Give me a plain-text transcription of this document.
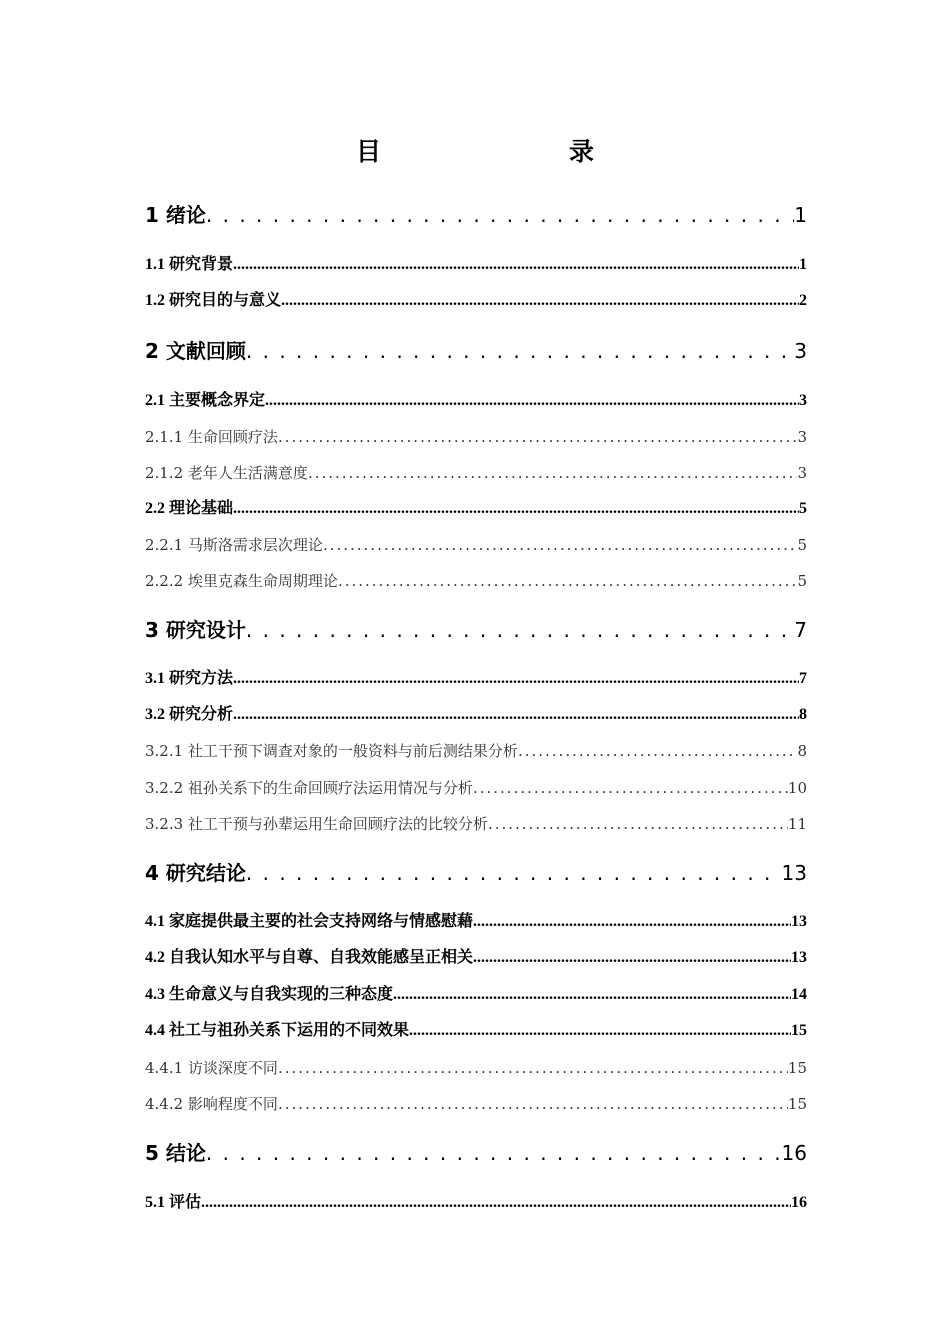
目　　录
1 绪论 . . .	1
1.1 研究背景 .....	1
1.2 研究目的与意义 .....	2
2 文献回顾 . . .	3
2.1 主要概念界定 .....	3
2.1.1 生命回顾疗法 .....	3
2.1.2 老年人生活满意度 .....	3
2.2 理论基础 .....	5
2.2.1 马斯洛需求层次理论 .....	5
2.2.2 埃里克森生命周期理论 .....	5
3 研究设计 . . .	7
3.1 研究方法 .....	7
3.2 研究分析 .....	8
3.2.1 社工干预下调查对象的一般资料与前后测结果分析 .....	8
3.2.2 祖孙关系下的生命回顾疗法运用情况与分析 .....	10
3.2.3 社工干预与孙辈运用生命回顾疗法的比较分析 .....	11
4 研究结论 . . .	13
4.1 家庭提供最主要的社会支持网络与情感慰藉 .....	13
4.2 自我认知水平与自尊、自我效能感呈正相关 .....	13
4.3 生命意义与自我实现的三种态度 .....	14
4.4 社工与祖孙关系下运用的不同效果 .....	15
4.4.1 访谈深度不同 .....	15
4.4.2 影响程度不同 .....	15
5 结论 . . .	16
5.1 评估 .....	16
